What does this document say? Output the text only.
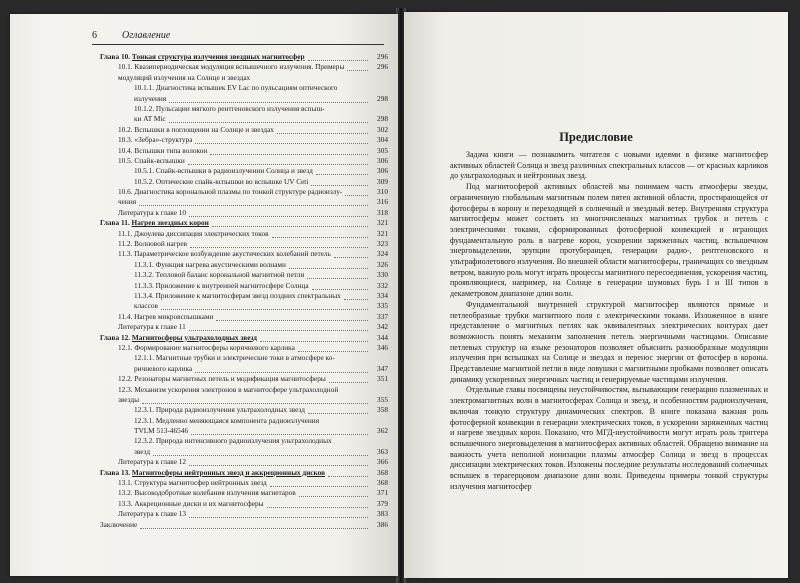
6	Оглавление
Глава 10. Тонкая структура излучения звездных магнитосфер	296
10.1. Квазипериодическая модуляция вспышечного излучения. Примеры	296
модуляций излучения на Солнце и звездах
10.1.1. Диагностика вспышек EV Lac по пульсациям оптического
излучения	298
10.1.2. Пульсации мягкого рентгеновского излучения вспыш-
ки AT Mic	298
10.2. Вспышки в поглощении на Солнце и звездах	302
10.3. «Зебра»-структура	304
10.4. Вспышки типа волокон	305
10.5. Спайк-вспышки	306
10.5.1. Спайк-вспышки в радиоизлучении Солнца и звезд	306
10.5.2. Оптические спайк-вспышки во вспышке UV Ceti	309
10.6. Диагностика корональной плазмы по тонкой структуре радиоизлу-	310
чения	316
Литература к главе 10	318
Глава 11. Нагрев звездных корон	321
11.1. Джоулева диссипация электрических токов	321
11.2. Волновой нагрев	323
11.3. Параметрическое возбуждение акустических колебаний петель	324
11.3.1. Функция нагрева акустическими волнами	326
11.3.2. Тепловой баланс корональной магнитной петли	330
11.3.3. Приложение к внутренней магнитосфере Солнца	332
11.3.4. Приложение к магнитосферам звезд поздних спектральных	334
классов	335
11.4. Нагрев микровспышками	337
Литература к главе 11	342
Глава 12. Магнитосферы ультрахолодных звезд	344
12.1. Формирование магнитосферы коричневого карлика	346
12.1.1. Магнитные трубки и электрические токи в атмосфере ко-
ричневого карлика	347
12.2. Резонаторы магнитных петель и модификация магнитосферы	351
12.3. Механизм ускорения электронов в магнитосфере ультрахолодной
звезды	355
12.3.1. Природа радиоизлучения ультрахолодных звезд	358
12.3.1. Медленно меняющаяся компонента радиоизлучения
TVLM 513-46546	362
12.3.2. Природа интенсивного радиоизлучения ультрахолодных
звезд	363
Литература к главе 12	366
Глава 13. Магнитосферы нейтронных звезд и аккреционных дисков	368
13.1. Структура магнитосфер нейтронных звезд	368
13.2. Высокодобротные колебания излучения магнетаров	371
13.3. Аккреционные диски и их магнитосферы	379
Литература к главе 13	383
Заключение	386
Предисловие

Задача книги — познакомить читателя с новыми идеями в физике магнитосфер активных областей Солнца и звезд различных спектральных классов — от красных карликов до ультрахолодных и нейтронных звезд.

Под магнитосферой активных областей мы понимаем часть атмосферы звезды, ограниченную глобальным магнитным полем пятен активной области, простирающейся от фотосферы в корону и переходящей в солнечный и звездный ветер. Внутренняя структура магнитосферы может состоять из многочисленных магнитных трубок и петель с электрическими токами, сформированных фотосферной конвекцией и играющих фундаментальную роль в нагреве корон, ускорении заряженных частиц, вспышечном энерговыделении, эрупции протуберанцев, генерации радио-, рентгеновского и ультрафиолетового излучения. Во внешней области магнитосферы, граничащих со звездным ветром, важную роль могут играть процессы магнитного пересоединения, ускорения частиц, проявляющиеся, например, на Солнце в генерации шумовых бурь I и III типов в декаметровом диапазоне длин волн.

Фундаментальной внутренней структурой магнитосфер являются прямые и петлеобразные трубки магнитного поля с электрическими токами. Изложенное в книге представление о магнитных петлях как эквивалентных электрических контурах дает возможность понять механизм заполнения петель энергичными частицами. Описание петлевых структур на языке резонаторов позволяет объяснить разнообразные модуляции излучения при вспышках на Солнце и звездах и перенос энергии от фотосфер в короны. Представление магнитной петли в виде ловушки с магнитными пробками позволяет описать динамику ускоренных энергичных частиц и генерируемые частицами излучения.

Отдельные главы посвящены неустойчивостям, вызывающим генерацию плазменных и электромагнитных волн в магнитосферах Солнца и звезд, и особенностям радиоизлучения, включая тонкую структуру динамических спектров. В книге показана важная роль фотосферной конвекции в генерации электрических токов, в ускорении заряженных частиц и нагреве звездных корон. Показано, что МГД-неустойчивости могут играть роль триггера вспышечного энерговыделения в магнитосферах активных областей. Обращено внимание на важность учета неполной ионизации плазмы атмосфер Солнца и звезд в процессах диссипации электрических токов. Изложены последние результаты исследований солнечных вспышек в терагерцовом диапазоне длин волн. Приведены примеры тонкой структуры излучения магнитосфер
